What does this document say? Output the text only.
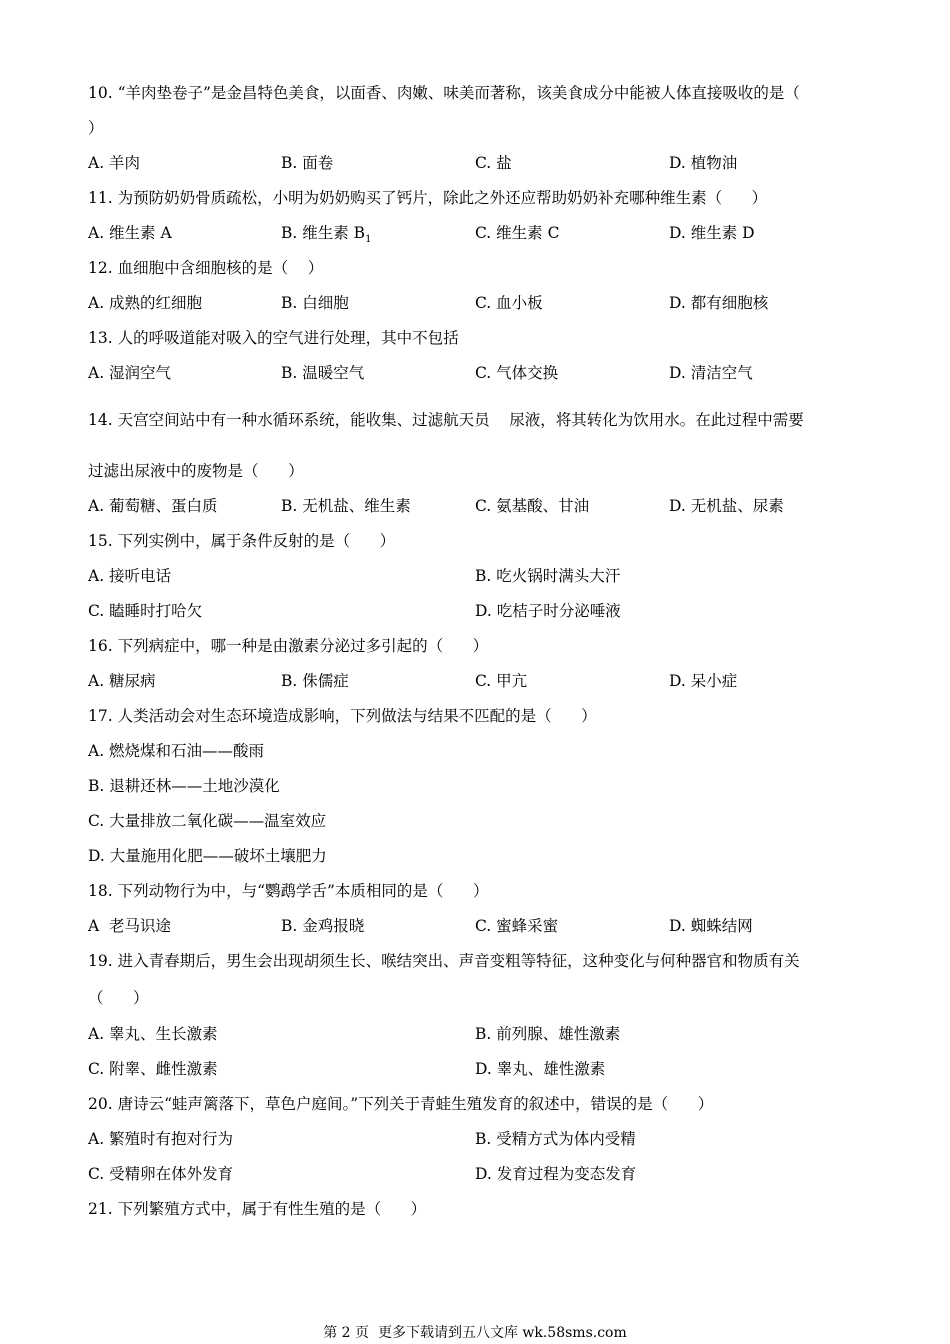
10. “羊肉垫卷子”是金昌特色美食，以面香、肉嫩、味美而著称，该美食成分中能被人体直接吸收的是（
）
A. 羊肉	B. 面卷	C. 盐	D. 植物油
11. 为预防奶奶骨质疏松，小明为奶奶购买了钙片，除此之外还应帮助奶奶补充哪种维生素（      ）
A. 维生素 A	B. 维生素 $B_1$	C. 维生素 C	D. 维生素 D
12. 血细胞中含细胞核的是（    ）
A. 成熟的红细胞	B. 白细胞	C. 血小板	D. 都有细胞核
13. 人的呼吸道能对吸入的空气进行处理，其中不包括
A. 湿润空气	B. 温暖空气	C. 气体交换	D. 清洁空气
14. 天宫空间站中有一种水循环系统，能收集、过滤航天员    尿液，将其转化为饮用水。在此过程中需要
过滤出尿液中的废物是（      ）
A. 葡萄糖、蛋白质	B. 无机盐、维生素	C. 氨基酸、甘油	D. 无机盐、尿素
15. 下列实例中，属于条件反射的是（      ）
A. 接听电话	B. 吃火锅时满头大汗
C. 瞌睡时打哈欠	D. 吃桔子时分泌唾液
16. 下列病症中，哪一种是由激素分泌过多引起的（      ）
A. 糖尿病	B. 侏儒症	C. 甲亢	D. 呆小症
17. 人类活动会对生态环境造成影响，下列做法与结果不匹配的是（      ）
A. 燃烧煤和石油——酸雨
B. 退耕还林——土地沙漠化
C. 大量排放二氧化碳——温室效应
D. 大量施用化肥——破坏土壤肥力
18. 下列动物行为中，与“鹦鹉学舌”本质相同的是（      ）
A  老马识途	B. 金鸡报晓	C. 蜜蜂采蜜	D. 蜘蛛结网
19. 进入青春期后，男生会出现胡须生长、喉结突出、声音变粗等特征，这种变化与何种器官和物质有关
（      ）
A. 睾丸、生长激素	B. 前列腺、雄性激素
C. 附睾、雌性激素	D. 睾丸、雄性激素
20. 唐诗云“蛙声篱落下，草色户庭间。”下列关于青蛙生殖发育的叙述中，错误的是（      ）
A. 繁殖时有抱对行为	B. 受精方式为体内受精
C. 受精卵在体外发育	D. 发育过程为变态发育
21. 下列繁殖方式中，属于有性生殖的是（      ）
第 2 页  更多下载请到五八文库 wk.58sms.com
